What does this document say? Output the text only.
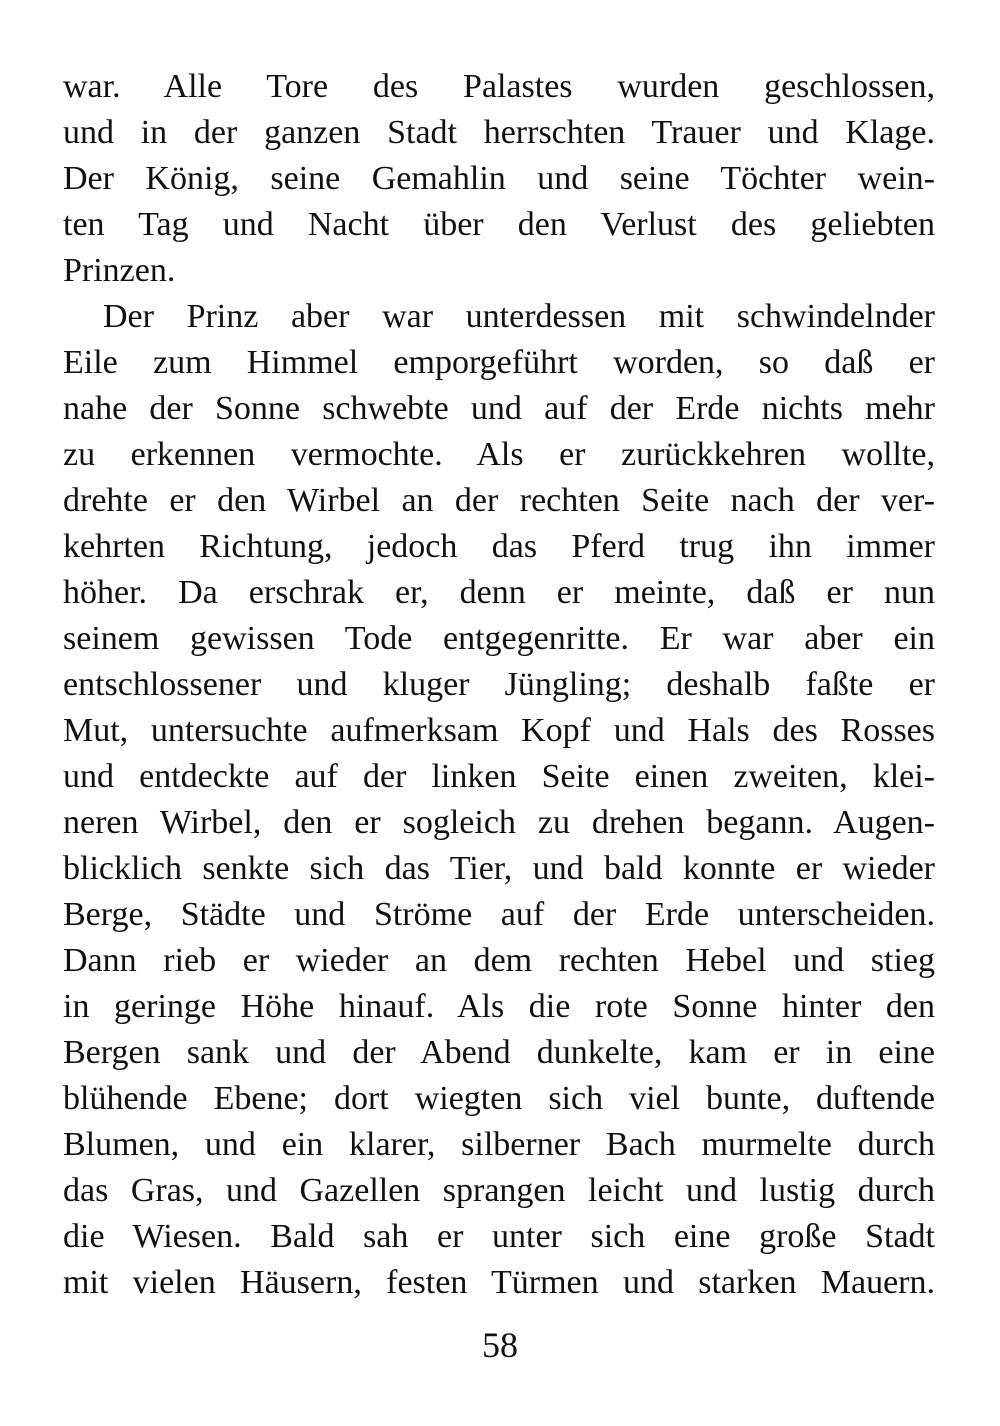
war. Alle Tore des Palastes wurden geschlossen,
und in der ganzen Stadt herrschten Trauer und Klage.
Der König, seine Gemahlin und seine Töchter wein-
ten Tag und Nacht über den Verlust des geliebten
Prinzen.
Der Prinz aber war unterdessen mit schwindelnder
Eile zum Himmel emporgeführt worden, so daß er
nahe der Sonne schwebte und auf der Erde nichts mehr
zu erkennen vermochte. Als er zurückkehren wollte,
drehte er den Wirbel an der rechten Seite nach der ver-
kehrten Richtung, jedoch das Pferd trug ihn immer
höher. Da erschrak er, denn er meinte, daß er nun
seinem gewissen Tode entgegenritte. Er war aber ein
entschlossener und kluger Jüngling; deshalb faßte er
Mut, untersuchte aufmerksam Kopf und Hals des Rosses
und entdeckte auf der linken Seite einen zweiten, klei-
neren Wirbel, den er sogleich zu drehen begann. Augen-
blicklich senkte sich das Tier, und bald konnte er wieder
Berge, Städte und Ströme auf der Erde unterscheiden.
Dann rieb er wieder an dem rechten Hebel und stieg
in geringe Höhe hinauf. Als die rote Sonne hinter den
Bergen sank und der Abend dunkelte, kam er in eine
blühende Ebene; dort wiegten sich viel bunte, duftende
Blumen, und ein klarer, silberner Bach murmelte durch
das Gras, und Gazellen sprangen leicht und lustig durch
die Wiesen. Bald sah er unter sich eine große Stadt
mit vielen Häusern, festen Türmen und starken Mauern.
58
